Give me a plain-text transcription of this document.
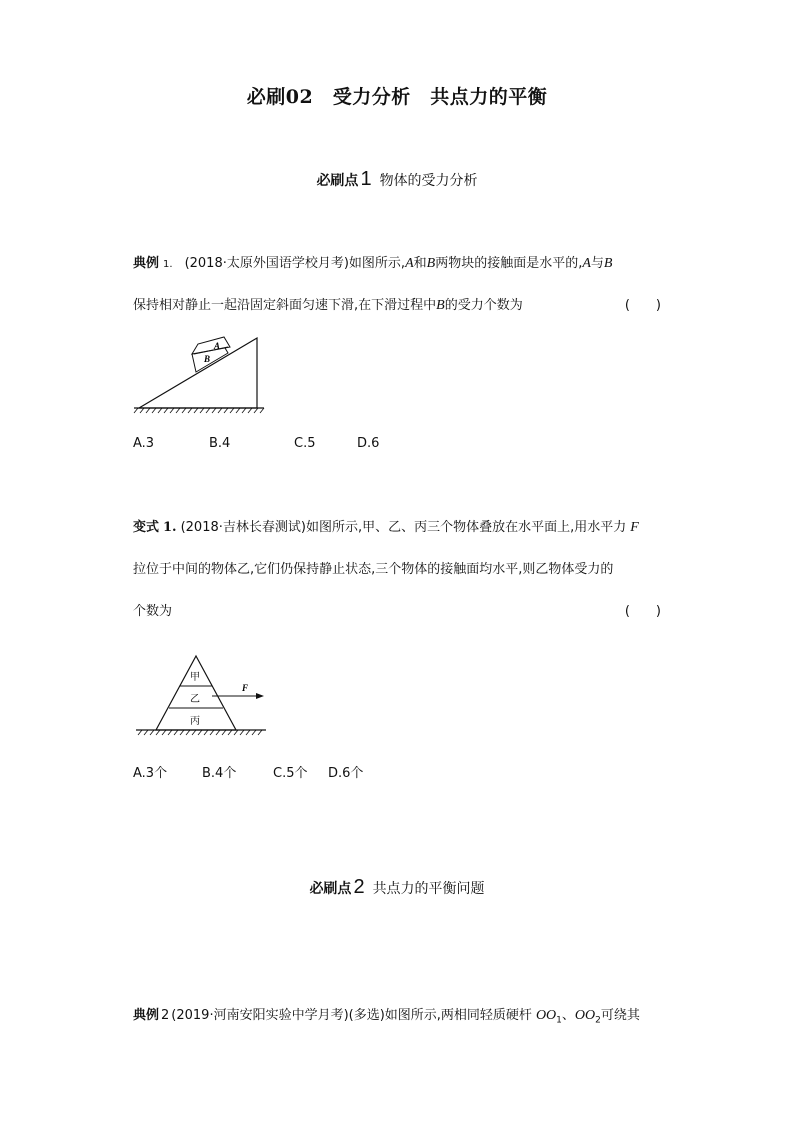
必刷02　受力分析　共点力的平衡
必刷点 1 物体的受力分析
典例 1. (2018·太原外国语学校月考)如图所示,A和B两物块的接触面是水平的,A与B
保持相对静止一起沿固定斜面匀速下滑,在下滑过程中B的受力个数为	(　　)
A
B
A.3	B.4	C.5	D.6
变式 1. (2018·吉林长春测试)如图所示,甲、乙、丙三个物体叠放在水平面上,用水平力 F
拉位于中间的物体乙,它们仍保持静止状态,三个物体的接触面均水平,则乙物体受力的
个数为	(　　)
F
甲
乙
丙
A.3个	B.4个	C.5个 D.6个
必刷点 2 共点力的平衡问题
典例 2 (2019·河南安阳实验中学月考)(多选)如图所示,两相同轻质硬杆 $OO_1$、$OO_2$可绕其
